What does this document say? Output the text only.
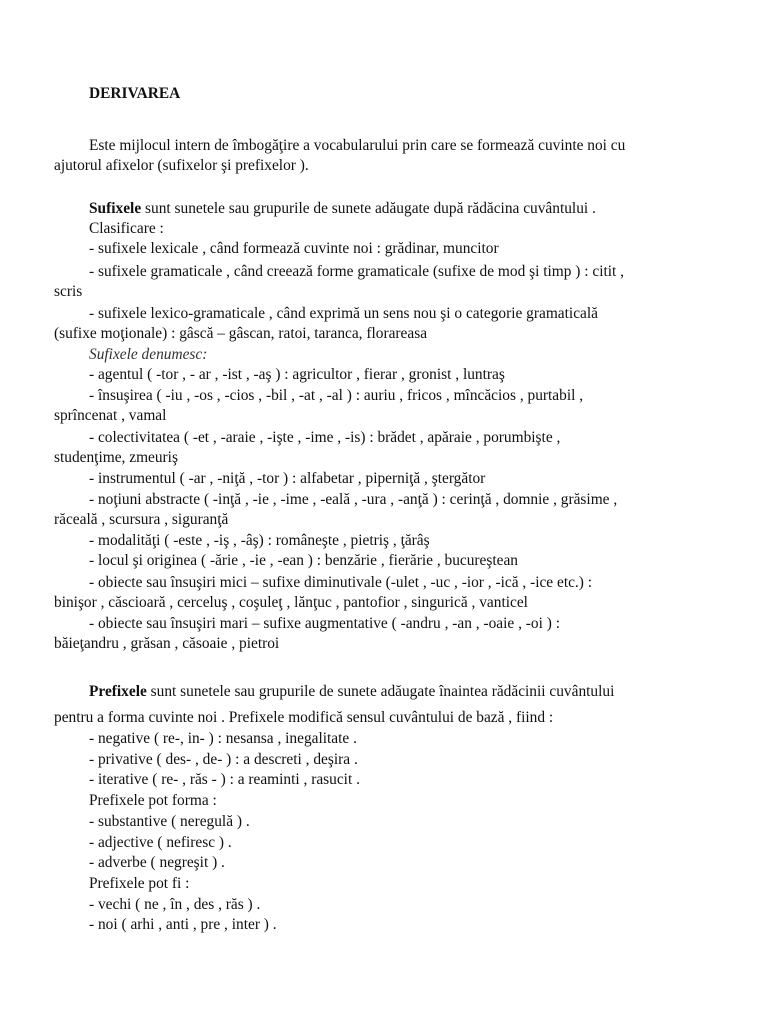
DERIVAREA
Este mijlocul intern de îmbogăţire a vocabularului prin care se formează cuvinte noi cu
ajutorul afixelor (sufixelor şi prefixelor ).
Sufixele sunt sunetele sau grupurile de sunete adăugate după rădăcina cuvântului .
Clasificare :
- sufixele lexicale , când formează cuvinte noi : grădinar, muncitor
- sufixele gramaticale , când creează forme gramaticale (sufixe de mod şi timp ) : citit ,
scris
- sufixele lexico-gramaticale , când exprimă un sens nou şi o categorie gramaticală
(sufixe moţionale) : gâscă – gâscan, ratoi, taranca, florareasa
Sufixele denumesc:
- agentul ( -tor , - ar , -ist , -aş ) : agricultor , fierar , gronist , luntraş
- însuşirea ( -iu , -os , -cios , -bil , -at , -al ) : auriu , fricos , mîncăcios , purtabil ,
sprîncenat , vamal
- colectivitatea ( -et , -araie , -işte , -ime , -is) : brădet , apăraie , porumbişte ,
studenţime, zmeuriş
- instrumentul ( -ar , -niţă , -tor ) : alfabetar , piperniţă , ştergător
- noţiuni abstracte ( -inţă , -ie , -ime , -eală , -ura , -anţă ) : cerinţă , domnie , grăsime ,
răceală , scursura , siguranţă
- modalităţi ( -este , -iş , -âş) : româneşte , pietriş , ţărâş
- locul şi originea ( -ărie , -ie , -ean ) : benzărie , fierărie , bucureştean
- obiecte sau însuşiri mici – sufixe diminutivale (-ulet , -uc , -ior , -ică , -ice etc.) :
binişor , căscioară , cerceluş , coşuleţ , lănţuc , pantofior , singurică , vanticel
- obiecte sau însuşiri mari – sufixe augmentative ( -andru , -an , -oaie , -oi ) :
băieţandru , grăsan , căsoaie , pietroi
Prefixele sunt sunetele sau grupurile de sunete adăugate înaintea rădăcinii cuvântului
pentru a forma cuvinte noi . Prefixele modifică sensul cuvântului de bază , fiind :
- negative ( re-, in- ) : nesansa , inegalitate .
- privative ( des- , de- ) : a descreti , deşira .
- iterative ( re- , răs - ) : a reaminti , rasucit .
Prefixele pot forma :
- substantive ( neregulă ) .
- adjective ( nefiresc ) .
- adverbe ( negreşit ) .
Prefixele pot fi :
- vechi ( ne , în , des , răs ) .
- noi ( arhi , anti , pre , inter ) .
